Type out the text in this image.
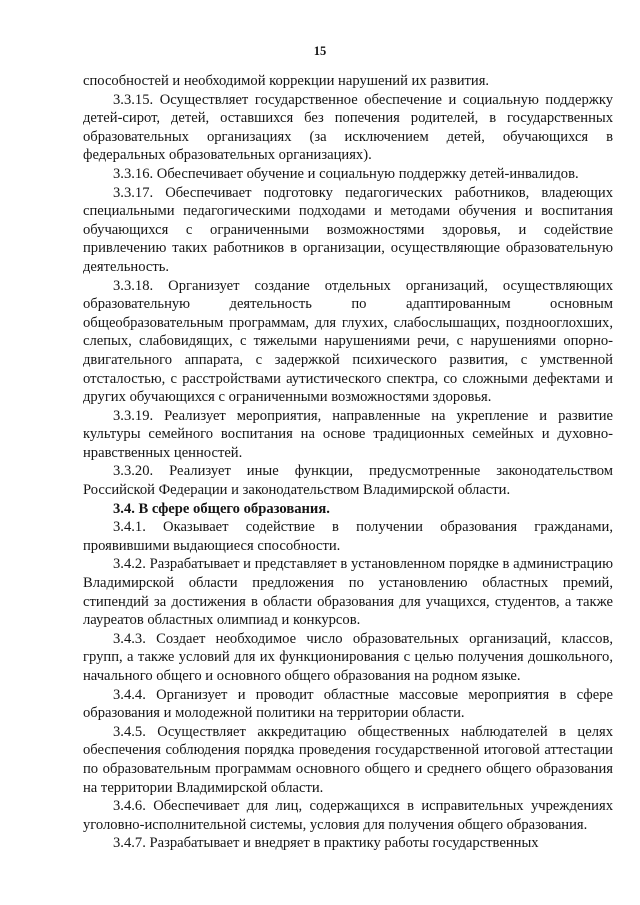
15

способностей и необходимой коррекции нарушений их развития.

3.3.15. Осуществляет государственное обеспечение и социальную поддержку детей-сирот, детей, оставшихся без попечения родителей, в государственных образовательных организациях (за исключением детей, обучающихся в федеральных образовательных организациях).

3.3.16. Обеспечивает обучение и социальную поддержку детей-инвалидов.

3.3.17. Обеспечивает подготовку педагогических работников, владеющих специальными педагогическими подходами и методами обучения и воспитания обучающихся с ограниченными возможностями здоровья, и содействие привлечению таких работников в организации, осуществляющие образовательную деятельность.

3.3.18. Организует создание отдельных организаций, осуществляющих образовательную деятельность по адаптированным основным общеобразовательным программам, для глухих, слабослышащих, позднооглохших, слепых, слабовидящих, с тяжелыми нарушениями речи, с нарушениями опорно-двигательного аппарата, с задержкой психического развития, с умственной отсталостью, с расстройствами аутистического спектра, со сложными дефектами и других обучающихся с ограниченными возможностями здоровья.

3.3.19. Реализует мероприятия, направленные на укрепление и развитие культуры семейного воспитания на основе традиционных семейных и духовно-нравственных ценностей.

3.3.20. Реализует иные функции, предусмотренные законодательством Российской Федерации и законодательством Владимирской области.

3.4. В сфере общего образования.

3.4.1. Оказывает содействие в получении образования гражданами, проявившими выдающиеся способности.

3.4.2. Разрабатывает и представляет в установленном порядке в администрацию Владимирской области предложения по установлению областных премий, стипендий за достижения в области образования для учащихся, студентов, а также лауреатов областных олимпиад и конкурсов.

3.4.3. Создает необходимое число образовательных организаций, классов, групп, а также условий для их функционирования с целью получения дошкольного, начального общего и основного общего образования на родном языке.

3.4.4. Организует и проводит областные массовые мероприятия в сфере образования и молодежной политики на территории области.

3.4.5. Осуществляет аккредитацию общественных наблюдателей в целях обеспечения соблюдения порядка проведения государственной итоговой аттестации по образовательным программам основного общего и среднего общего образования на территории Владимирской области.

3.4.6. Обеспечивает для лиц, содержащихся в исправительных учреждениях уголовно-исполнительной системы, условия для получения общего образования.

3.4.7. Разрабатывает и внедряет в практику работы государственных
